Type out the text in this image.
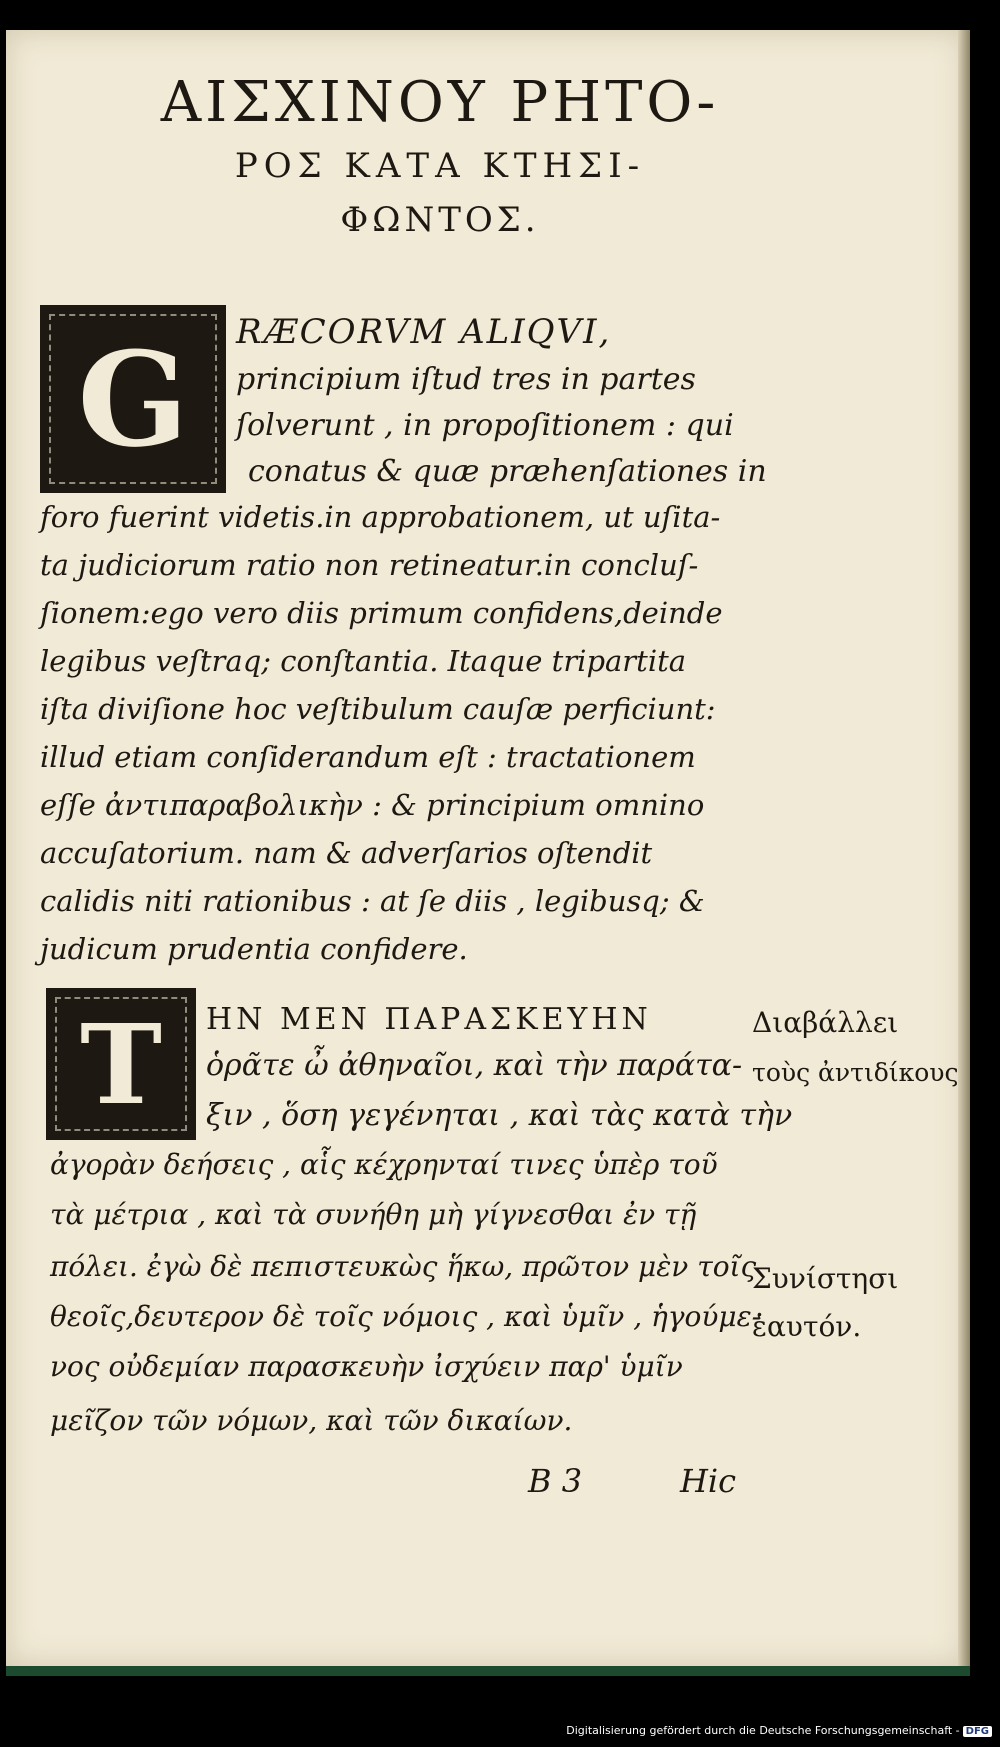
ΑΙΣΧΙΝΟΥ ΡΗΤΟ-
ΡΟΣ ΚΑΤΑ ΚΤΗΣΙ-
ΦΩΝΤΟΣ.
G RÆCORVM ALIQVI,
principium iſtud tres in partes
ſolverunt , in propoſitionem : qui
conatus & quæ præhenſationes in
foro fuerint videtis.in approbationem, ut uſita-
ta judiciorum ratio non retineatur.in concluſ-
ſionem:ego vero diis primum confidens,deinde
legibus veſtraq; conſtantia. Itaque tripartita
iſta diviſione hoc veſtibulum cauſæ perficiunt:
illud etiam conſiderandum eſt : tractationem
eſſe ἀντιπαραβολικὴν : & principium omnino
accuſatorium. nam & adverſarios oſtendit
calidis niti rationibus : at ſe diis , legibusq; &
judicum prudentia confidere.
T ΗΝ ΜΕΝ ΠΑΡΑΣΚΕΥΗΝ
ὁρᾶτε ὦ ἀθηναῖοι, καὶ τὴν παράτα-
ξιν , ὅση γεγένηται , καὶ τὰς κατὰ τὴν
ἀγορὰν δεήσεις , αἷς κέχρηνταί τινες ὑπὲρ τοῦ
τὰ μέτρια , καὶ τὰ συνήθη μὴ γίγνεσθαι ἐν τῇ
πόλει. ἐγὼ δὲ πεπιστευκὼς ἥκω, πρῶτον μὲν τοῖς
θεοῖς,δευτερον δὲ τοῖς νόμοις , καὶ ὑμῖν , ἡγούμε-
νος οὐδεμίαν παρασκευὴν ἰσχύειν παρ' ὑμῖν
μεῖζον τῶν νόμων, καὶ τῶν δικαίων.
Διαβάλλει
τοὺς ἀντιδίκους
Συνίστησι
ἑαυτόν.
B 3	Hic
Digitalisierung gefördert durch die Deutsche Forschungsgemeinschaft - DFG
